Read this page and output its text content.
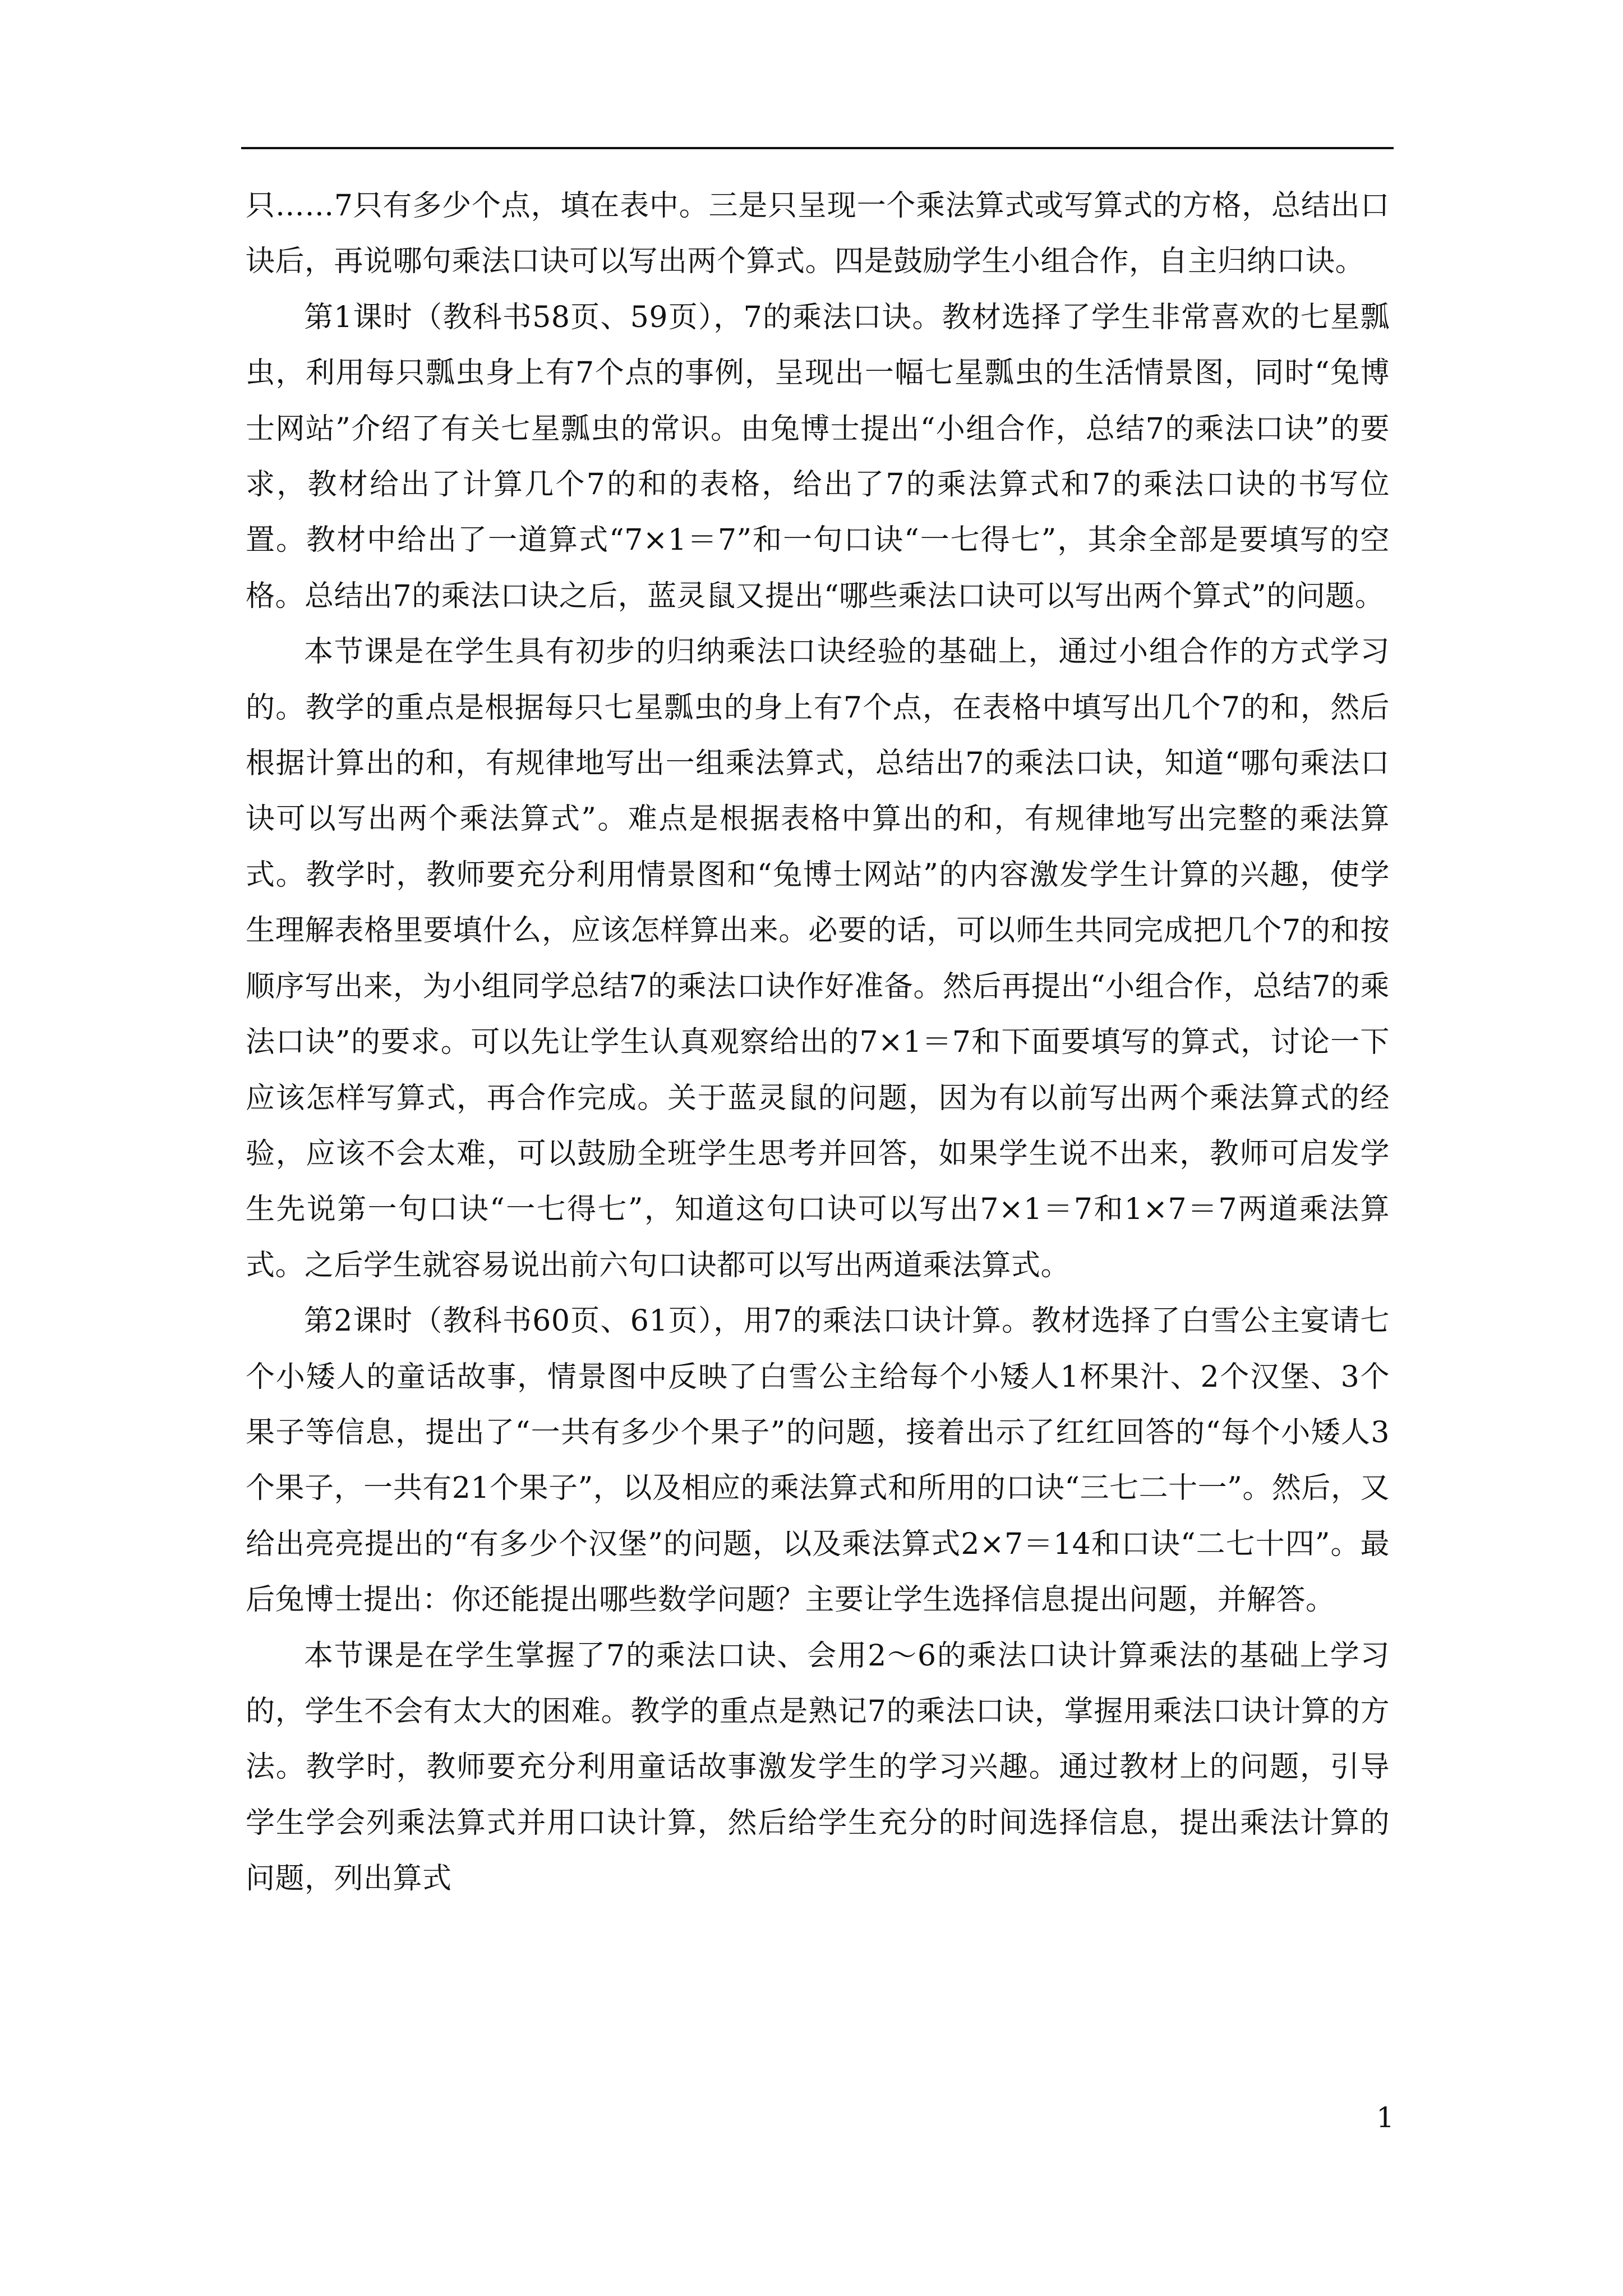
只……7只有多少个点，填在表中。三是只呈现一个乘法算式或写算式的方格，总结出口诀后，再说哪句乘法口诀可以写出两个算式。四是鼓励学生小组合作，自主归纳口诀。

第1课时（教科书58页、59页），7的乘法口诀。教材选择了学生非常喜欢的七星瓢虫，利用每只瓢虫身上有7个点的事例，呈现出一幅七星瓢虫的生活情景图，同时“兔博士网站”介绍了有关七星瓢虫的常识。由兔博士提出“小组合作，总结7的乘法口诀”的要求，教材给出了计算几个7的和的表格，给出了7的乘法算式和7的乘法口诀的书写位置。教材中给出了一道算式“7×1＝7”和一句口诀“一七得七”，其余全部是要填写的空格。总结出7的乘法口诀之后，蓝灵鼠又提出“哪些乘法口诀可以写出两个算式”的问题。

本节课是在学生具有初步的归纳乘法口诀经验的基础上，通过小组合作的方式学习的。教学的重点是根据每只七星瓢虫的身上有7个点，在表格中填写出几个7的和，然后根据计算出的和，有规律地写出一组乘法算式，总结出7的乘法口诀，知道“哪句乘法口诀可以写出两个乘法算式”。难点是根据表格中算出的和，有规律地写出完整的乘法算式。教学时，教师要充分利用情景图和“兔博士网站”的内容激发学生计算的兴趣，使学生理解表格里要填什么，应该怎样算出来。必要的话，可以师生共同完成把几个7的和按顺序写出来，为小组同学总结7的乘法口诀作好准备。然后再提出“小组合作，总结7的乘法口诀”的要求。可以先让学生认真观察给出的7×1＝7和下面要填写的算式，讨论一下应该怎样写算式，再合作完成。关于蓝灵鼠的问题，因为有以前写出两个乘法算式的经验，应该不会太难，可以鼓励全班学生思考并回答，如果学生说不出来，教师可启发学生先说第一句口诀“一七得七”，知道这句口诀可以写出7×1＝7和1×7＝7两道乘法算式。之后学生就容易说出前六句口诀都可以写出两道乘法算式。

第2课时（教科书60页、61页），用7的乘法口诀计算。教材选择了白雪公主宴请七个小矮人的童话故事，情景图中反映了白雪公主给每个小矮人1杯果汁、2个汉堡、3个果子等信息，提出了“一共有多少个果子”的问题，接着出示了红红回答的“每个小矮人3个果子，一共有21个果子”，以及相应的乘法算式和所用的口诀“三七二十一”。然后，又给出亮亮提出的“有多少个汉堡”的问题，以及乘法算式2×7＝14和口诀“二七十四”。最后兔博士提出：你还能提出哪些数学问题？主要让学生选择信息提出问题，并解答。

本节课是在学生掌握了7的乘法口诀、会用2～6的乘法口诀计算乘法的基础上学习的，学生不会有太大的困难。教学的重点是熟记7的乘法口诀，掌握用乘法口诀计算的方法。教学时，教师要充分利用童话故事激发学生的学习兴趣。通过教材上的问题，引导学生学会列乘法算式并用口诀计算，然后给学生充分的时间选择信息，提出乘法计算的问题，列出算式

1
